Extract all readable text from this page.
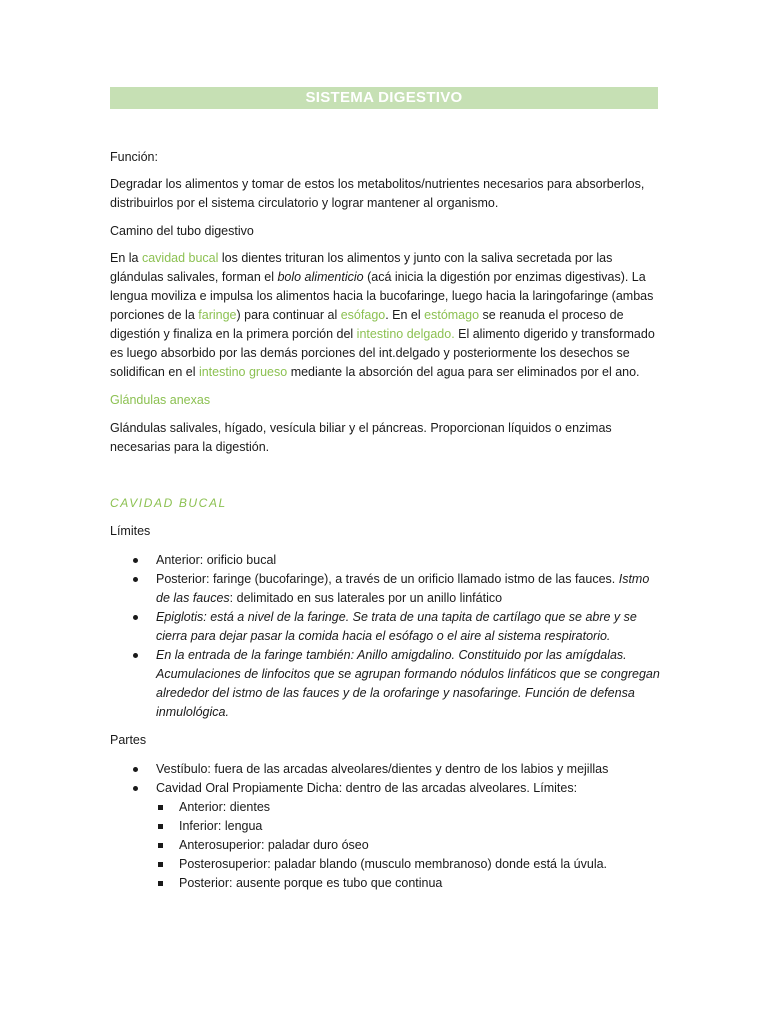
SISTEMA DIGESTIVO

Función:

Degradar los alimentos y tomar de estos los metabolitos/nutrientes necesarios para absorberlos, distribuirlos por el sistema circulatorio y lograr mantener al organismo.

Camino del tubo digestivo

En la cavidad bucal los dientes trituran los alimentos y junto con la saliva secretada por las glándulas salivales, forman el bolo alimenticio (acá inicia la digestión por enzimas digestivas). La lengua moviliza e impulsa los alimentos hacia la bucofaringe, luego hacia la laringofaringe (ambas porciones de la faringe) para continuar al esófago. En el estómago se reanuda el proceso de digestión y finaliza en la primera porción del intestino delgado. El alimento digerido y transformado es luego absorbido por las demás porciones del int.delgado y posteriormente los desechos se solidifican en el intestino grueso mediante la absorción del agua para ser eliminados por el ano.

Glándulas anexas

Glándulas salivales, hígado, vesícula biliar y el páncreas. Proporcionan líquidos o enzimas necesarias para la digestión.

CAVIDAD BUCAL

Límites

Anterior: orificio bucal
Posterior: faringe (bucofaringe), a través de un orificio llamado istmo de las fauces. Istmo de las fauces: delimitado en sus laterales por un anillo linfático
Epiglotis: está a nivel de la faringe. Se trata de una tapita de cartílago que se abre y se cierra para dejar pasar la comida hacia el esófago o el aire al sistema respiratorio.
En la entrada de la faringe también: Anillo amigdalino. Constituido por las amígdalas. Acumulaciones de linfocitos que se agrupan formando nódulos linfáticos que se congregan alrededor del istmo de las fauces y de la orofaringe y nasofaringe. Función de defensa inmulológica.

Partes

Vestíbulo: fuera de las arcadas alveolares/dientes y dentro de los labios y mejillas
Cavidad Oral Propiamente Dicha: dentro de las arcadas alveolares. Límites:
Anterior: dientes
Inferior: lengua
Anterosuperior: paladar duro óseo
Posterosuperior: paladar blando (musculo membranoso) donde está la úvula.
Posterior: ausente porque es tubo que continua
